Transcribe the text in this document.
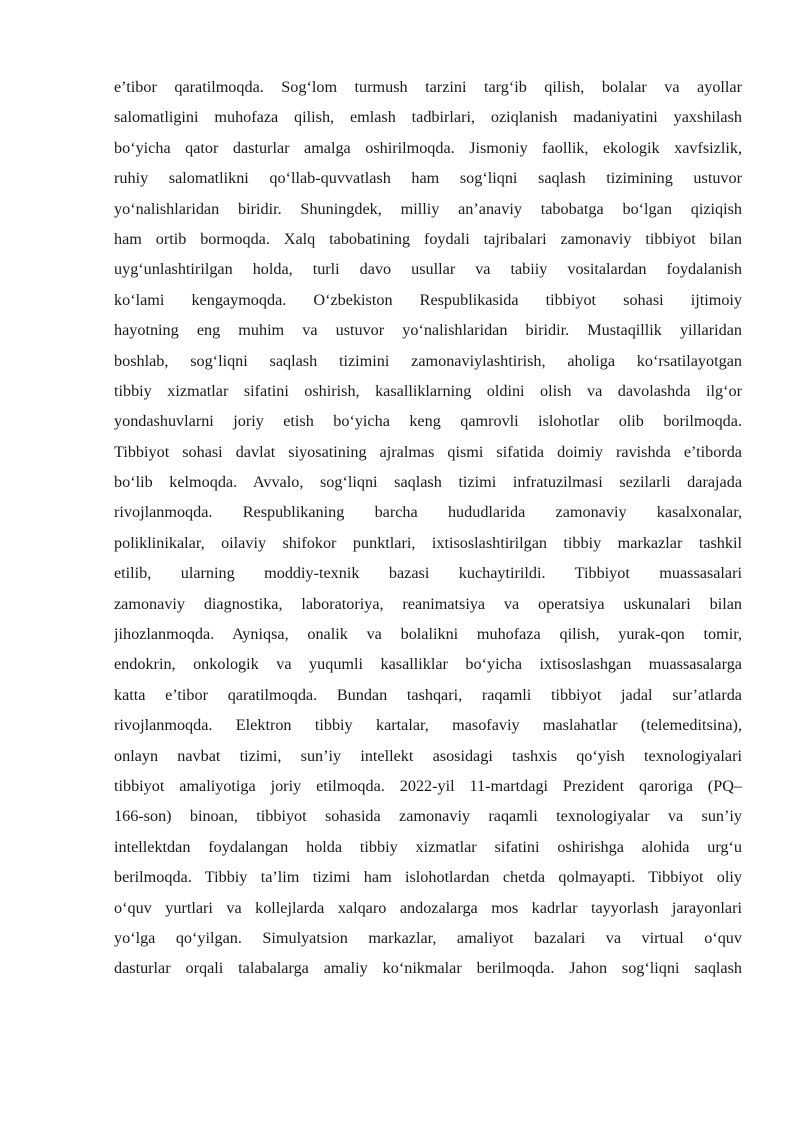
e’tibor qaratilmoqda. Sog‘lom turmush tarzini targ‘ib qilish, bolalar va ayollar
salomatligini muhofaza qilish, emlash tadbirlari, oziqlanish madaniyatini yaxshilash
bo‘yicha qator dasturlar amalga oshirilmoqda. Jismoniy faollik, ekologik xavfsizlik,
ruhiy salomatlikni qo‘llab-quvvatlash ham sog‘liqni saqlash tizimining ustuvor
yo‘nalishlaridan biridir. Shuningdek, milliy an’anaviy tabobatga bo‘lgan qiziqish
ham ortib bormoqda. Xalq tabobatining foydali tajribalari zamonaviy tibbiyot bilan
uyg‘unlashtirilgan holda, turli davo usullar va tabiiy vositalardan foydalanish
ko‘lami kengaymoqda. O‘zbekiston Respublikasida tibbiyot sohasi ijtimoiy
hayotning eng muhim va ustuvor yo‘nalishlaridan biridir. Mustaqillik yillaridan
boshlab, sog‘liqni saqlash tizimini zamonaviylashtirish, aholiga ko‘rsatilayotgan
tibbiy xizmatlar sifatini oshirish, kasalliklarning oldini olish va davolashda ilg‘or
yondashuvlarni joriy etish bo‘yicha keng qamrovli islohotlar olib borilmoqda.
Tibbiyot sohasi davlat siyosatining ajralmas qismi sifatida doimiy ravishda e’tiborda
bo‘lib kelmoqda. Avvalo, sog‘liqni saqlash tizimi infratuzilmasi sezilarli darajada
rivojlanmoqda. Respublikaning barcha hududlarida zamonaviy kasalxonalar,
poliklinikalar, oilaviy shifokor punktlari, ixtisoslashtirilgan tibbiy markazlar tashkil
etilib, ularning moddiy-texnik bazasi kuchaytirildi. Tibbiyot muassasalari
zamonaviy diagnostika, laboratoriya, reanimatsiya va operatsiya uskunalari bilan
jihozlanmoqda. Ayniqsa, onalik va bolalikni muhofaza qilish, yurak-qon tomir,
endokrin, onkologik va yuqumli kasalliklar bo‘yicha ixtisoslashgan muassasalarga
katta e’tibor qaratilmoqda. Bundan tashqari, raqamli tibbiyot jadal sur’atlarda
rivojlanmoqda. Elektron tibbiy kartalar, masofaviy maslahatlar (telemeditsina),
onlayn navbat tizimi, sun’iy intellekt asosidagi tashxis qo‘yish texnologiyalari
tibbiyot amaliyotiga joriy etilmoqda. 2022-yil 11-martdagi Prezident qaroriga (PQ–
166-son) binoan, tibbiyot sohasida zamonaviy raqamli texnologiyalar va sun’iy
intellektdan foydalangan holda tibbiy xizmatlar sifatini oshirishga alohida urg‘u
berilmoqda. Tibbiy ta’lim tizimi ham islohotlardan chetda qolmayapti. Tibbiyot oliy
o‘quv yurtlari va kollejlarda xalqaro andozalarga mos kadrlar tayyorlash jarayonlari
yo‘lga qo‘yilgan. Simulyatsion markazlar, amaliyot bazalari va virtual o‘quv
dasturlar orqali talabalarga amaliy ko‘nikmalar berilmoqda. Jahon sog‘liqni saqlash
